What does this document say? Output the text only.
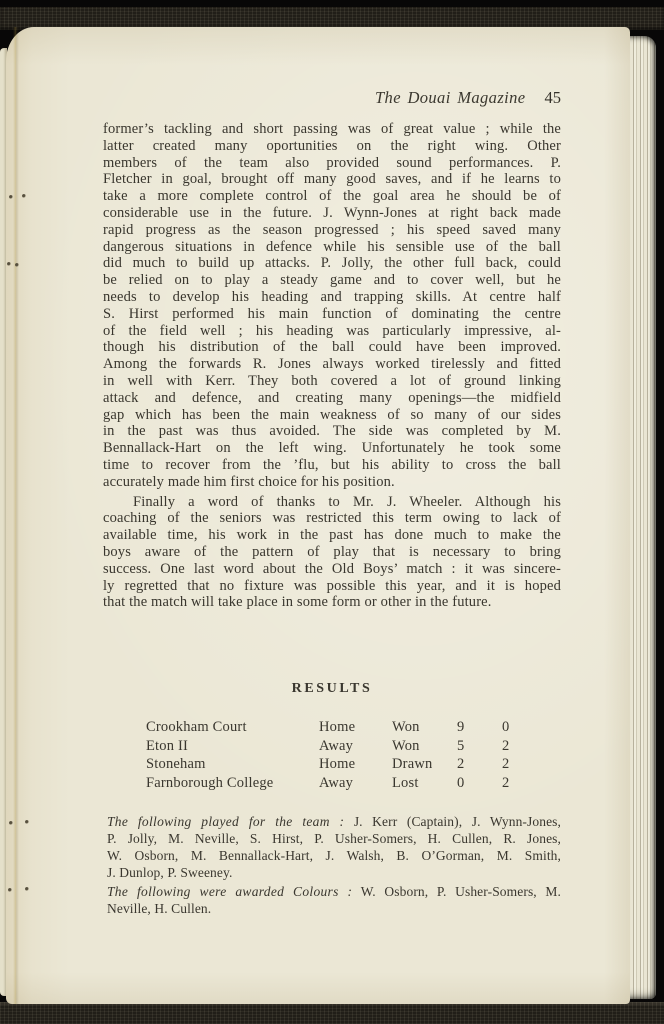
The Douai Magazine 45
former’s tackling and short passing was of great value ; while the
latter created many oportunities on the right wing. Other
members of the team also provided sound performances. P.
Fletcher in goal, brought off many good saves, and if he learns to
take a more complete control of the goal area he should be of
considerable use in the future. J. Wynn-Jones at right back made
rapid progress as the season progressed ; his speed saved many
dangerous situations in defence while his sensible use of the ball
did much to build up attacks. P. Jolly, the other full back, could
be relied on to play a steady game and to cover well, but he
needs to develop his heading and trapping skills. At centre half
S. Hirst performed his main function of dominating the centre
of the field well ; his heading was particularly impressive, al-
though his distribution of the ball could have been improved.
Among the forwards R. Jones always worked tirelessly and fitted
in well with Kerr. They both covered a lot of ground linking
attack and defence, and creating many openings—the midfield
gap which has been the main weakness of so many of our sides
in the past was thus avoided. The side was completed by M.
Bennallack-Hart on the left wing. Unfortunately he took some
time to recover from the ’flu, but his ability to cross the ball
accurately made him first choice for his position.
Finally a word of thanks to Mr. J. Wheeler. Although his
coaching of the seniors was restricted this term owing to lack of
available time, his work in the past has done much to make the
boys aware of the pattern of play that is necessary to bring
success. One last word about the Old Boys’ match : it was sincere-
ly regretted that no fixture was possible this year, and it is hoped
that the match will take place in some form or other in the future.
RESULTS
Crookham Court	Home	Won	9	0
Eton II	Away	Won	5	2
Stoneham	Home	Drawn	2	2
Farnborough College	Away	Lost	0	2
The following played for the team : J. Kerr (Captain), J. Wynn-Jones,
P. Jolly, M. Neville, S. Hirst, P. Usher-Somers, H. Cullen, R. Jones,
W. Osborn, M. Bennallack-Hart, J. Walsh, B. O’Gorman, M. Smith,
J. Dunlop, P. Sweeney.
The following were awarded Colours : W. Osborn, P. Usher-Somers, M.
Neville, H. Cullen.
